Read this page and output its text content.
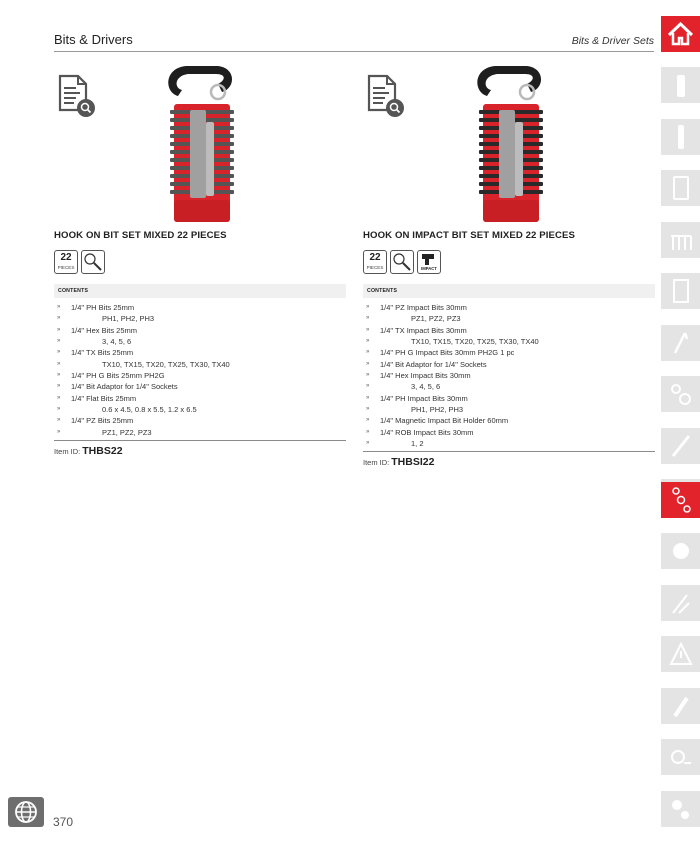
Bits & Drivers	Bits & Driver Sets
HOOK ON BIT SET MIXED 22 PIECES
22
PIECES
CONTENTS
» 1/4" PH Bits 25mm
»	PH1, PH2, PH3
» 1/4" Hex Bits 25mm
»	3, 4, 5, 6
» 1/4" TX Bits 25mm
»	TX10, TX15, TX20, TX25, TX30, TX40
» 1/4" PH G Bits 25mm PH2G
» 1/4" Bit Adaptor for 1/4" Sockets
» 1/4" Flat Bits 25mm
»	0.6 x 4.5, 0.8 x 5.5, 1.2 x 6.5
» 1/4" PZ Bits 25mm
»	PZ1, PZ2, PZ3
Item ID: THBS22
HOOK ON IMPACT BIT SET MIXED 22 PIECES
22
PIECES	IMPACT
CONTENTS
» 1/4" PZ Impact Bits 30mm
»	PZ1, PZ2, PZ3
» 1/4" TX Impact Bits 30mm
»	TX10, TX15, TX20, TX25, TX30, TX40
» 1/4" PH G Impact Bits 30mm PH2G 1 pc
» 1/4" Bit Adaptor for 1/4" Sockets
» 1/4" Hex Impact Bits 30mm
»	3, 4, 5, 6
» 1/4" PH Impact Bits 30mm
»	PH1, PH2, PH3
» 1/4" Magnetic Impact Bit Holder 60mm
» 1/4" ROB Impact Bits 30mm
»	1, 2
Item ID: THBSI22
370
